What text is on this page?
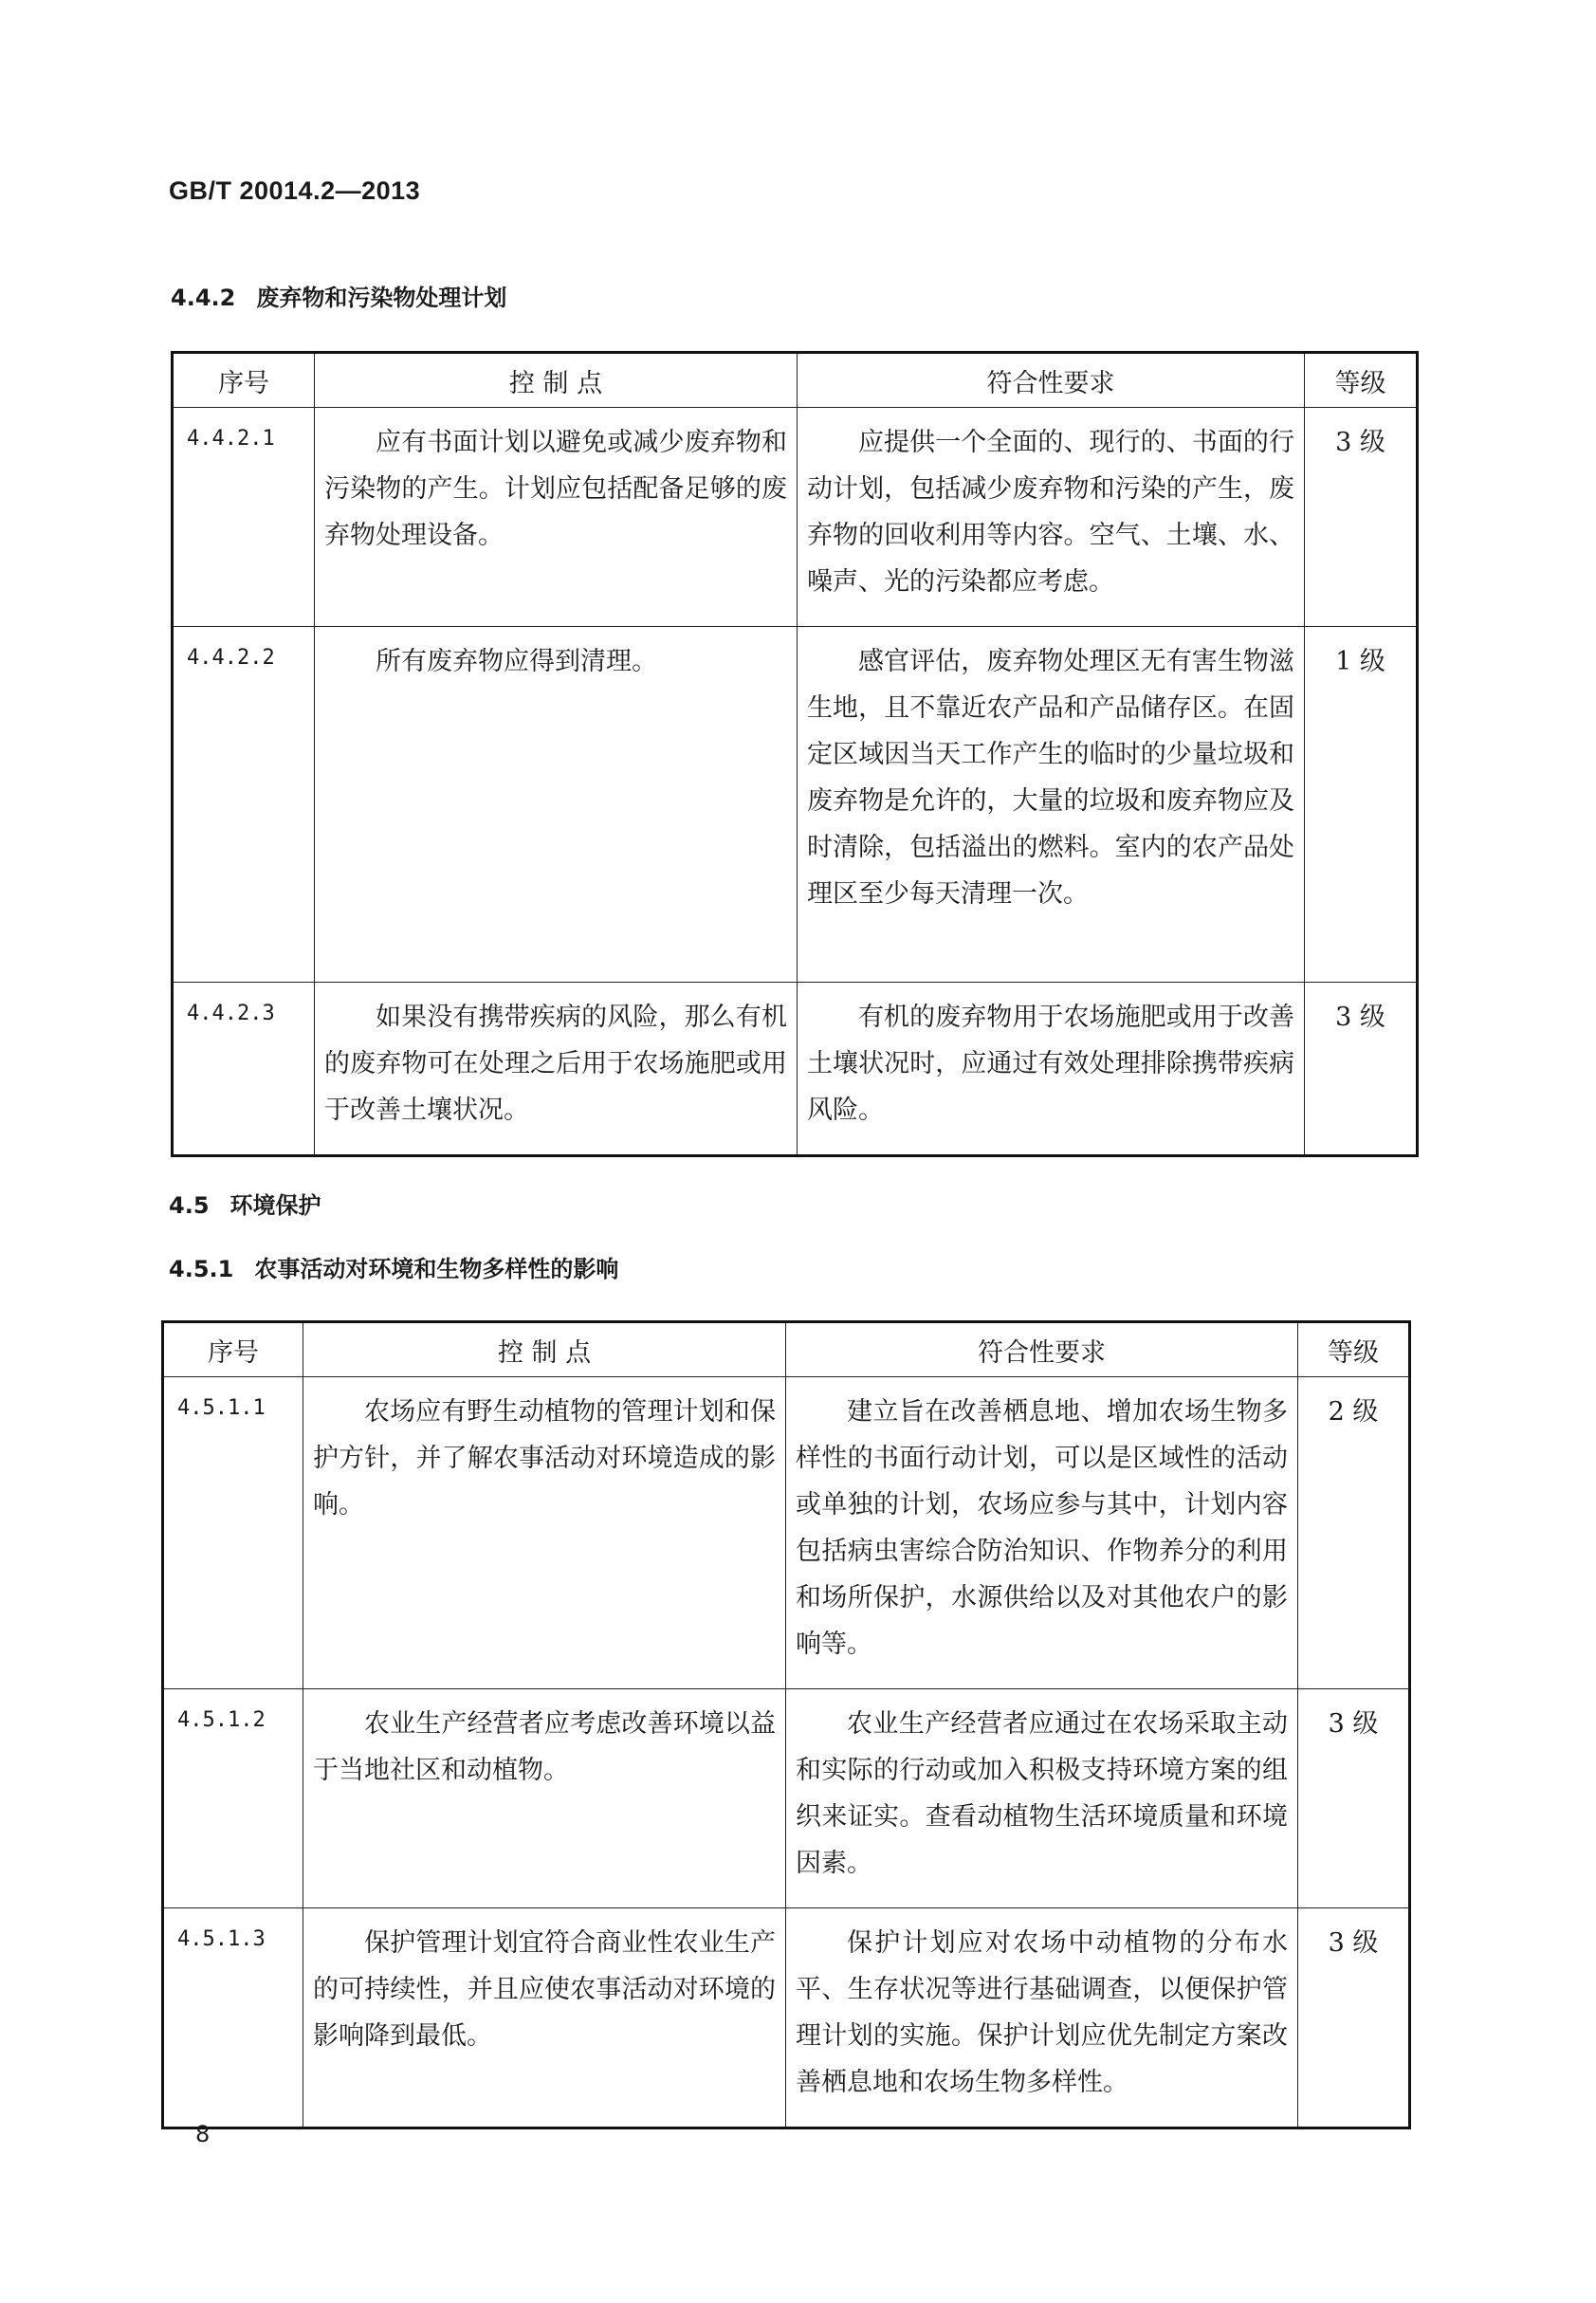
GB/T 20014.2—2013
4.4.2 废弃物和污染物处理计划
序号	控 制 点	符合性要求	等级
4.4.2.1	应有书面计划以避免或减少废弃物和污染物的产生。计划应包括配备足够的废弃物处理设备。	应提供一个全面的、现行的、书面的行动计划，包括减少废弃物和污染的产生，废弃物的回收利用等内容。空气、土壤、水、噪声、光的污染都应考虑。	3 级
4.4.2.2	所有废弃物应得到清理。	感官评估，废弃物处理区无有害生物滋生地，且不靠近农产品和产品储存区。在固定区域因当天工作产生的临时的少量垃圾和废弃物是允许的，大量的垃圾和废弃物应及时清除，包括溢出的燃料。室内的农产品处理区至少每天清理一次。	1 级
4.4.2.3	如果没有携带疾病的风险，那么有机的废弃物可在处理之后用于农场施肥或用于改善土壤状况。	有机的废弃物用于农场施肥或用于改善土壤状况时，应通过有效处理排除携带疾病风险。	3 级
4.5 环境保护
4.5.1 农事活动对环境和生物多样性的影响
序号	控 制 点	符合性要求	等级
4.5.1.1	农场应有野生动植物的管理计划和保护方针，并了解农事活动对环境造成的影响。	建立旨在改善栖息地、增加农场生物多样性的书面行动计划，可以是区域性的活动或单独的计划，农场应参与其中，计划内容包括病虫害综合防治知识、作物养分的利用和场所保护，水源供给以及对其他农户的影响等。	2 级
4.5.1.2	农业生产经营者应考虑改善环境以益于当地社区和动植物。	农业生产经营者应通过在农场采取主动和实际的行动或加入积极支持环境方案的组织来证实。查看动植物生活环境质量和环境因素。	3 级
4.5.1.3	保护管理计划宜符合商业性农业生产的可持续性，并且应使农事活动对环境的影响降到最低。	保护计划应对农场中动植物的分布水平、生存状况等进行基础调查，以便保护管理计划的实施。保护计划应优先制定方案改善栖息地和农场生物多样性。	3 级
8
